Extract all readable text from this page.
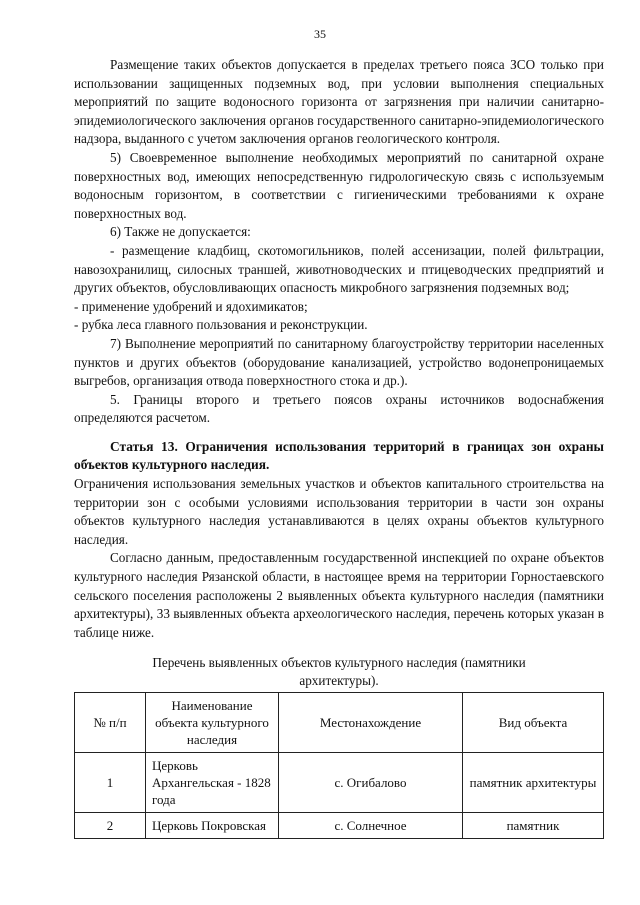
35

Размещение таких объектов допускается в пределах третьего пояса ЗСО только при использовании защищенных подземных вод, при условии выполнения специальных мероприятий по защите водоносного горизонта от загрязнения при наличии санитарно-эпидемиологического заключения органов государственного санитарно-эпидемиологического надзора, выданного с учетом заключения органов геологического контроля.

5) Своевременное выполнение необходимых мероприятий по санитарной охране поверхностных вод, имеющих непосредственную гидрологическую связь с используемым водоносным горизонтом, в соответствии с гигиеническими требованиями к охране поверхностных вод.

6) Также не допускается:

- размещение кладбищ, скотомогильников, полей ассенизации, полей фильтрации, навозохранилищ, силосных траншей, животноводческих и птицеводческих предприятий и других объектов, обусловливающих опасность микробного загрязнения подземных вод;

- применение удобрений и ядохимикатов;

- рубка леса главного пользования и реконструкции.

7) Выполнение мероприятий по санитарному благоустройству территории населенных пунктов и других объектов (оборудование канализацией, устройство водонепроницаемых выгребов, организация отвода поверхностного стока и др.).

5. Границы второго и третьего поясов охраны источников водоснабжения определяются расчетом.

Статья 13. Ограничения использования территорий в границах зон охраны объектов культурного наследия.

Ограничения использования земельных участков и объектов капитального строительства на территории зон с особыми условиями использования территории в части зон охраны объектов культурного наследия устанавливаются в целях охраны объектов культурного наследия.

Согласно данным, предоставленным государственной инспекцией по охране объектов культурного наследия Рязанской области, в настоящее время на территории Горностаевского сельского поселения расположены 2 выявленных объекта культурного наследия (памятники архитектуры), 33 выявленных объекта археологического наследия, перечень которых указан в таблице ниже.

Перечень выявленных объектов культурного наследия (памятники архитектуры).
№ п/п	Наименование объекта культурного наследия	Местонахождение	Вид объекта
1	Церковь Архангельская - 1828 года	с. Огибалово	памятник архитектуры
2	Церковь Покровская	с. Солнечное	памятник
